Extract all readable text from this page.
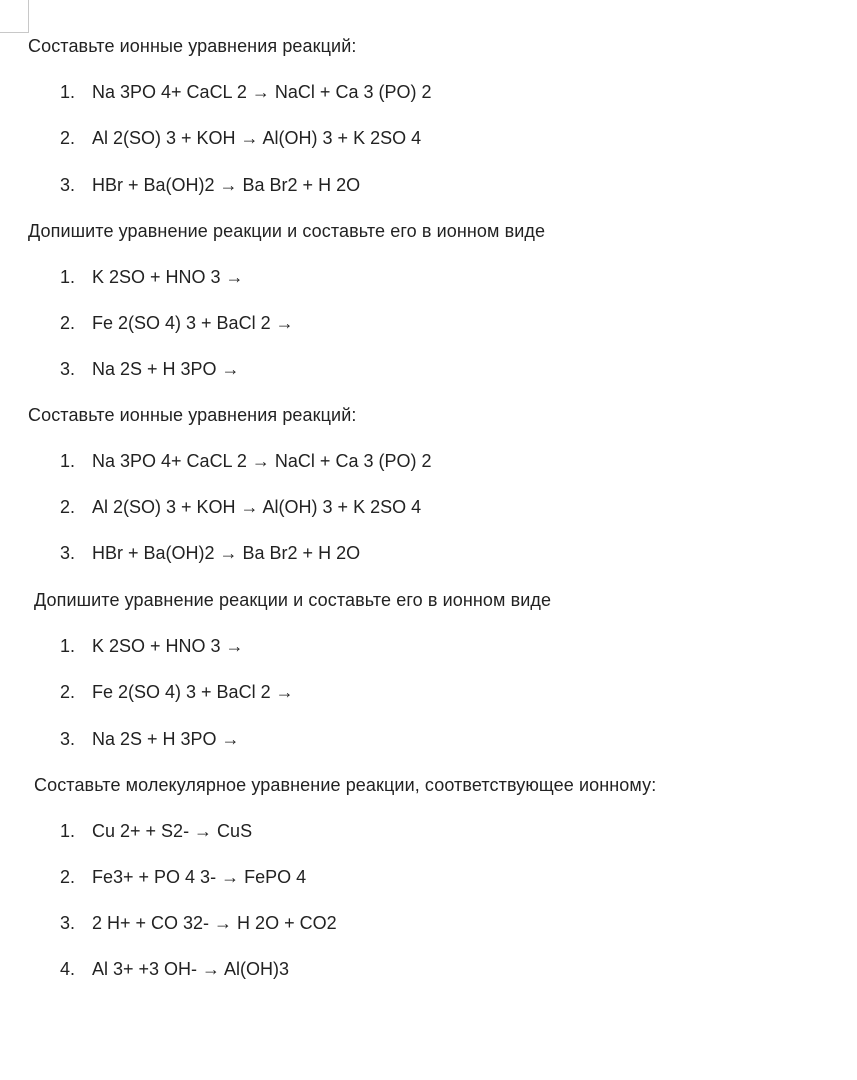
Составьте ионные уравнения реакций:
1. Na 3PO 4+ CaCL 2 → NaCl + Ca 3 (PO) 2
2.Al 2(SO) 3 + KOH → Al(OH) 3 + K 2SO 4
3.HBr + Ba(OH)2 → Ba Br2 + H 2O
Допишите уравнение реакции и составьте его в ионном виде
1. K 2SO + HNO 3 →
2.Fe 2(SO 4) 3 + BaCl 2 →
3. Na 2S + H 3PO →
Составьте ионные уравнения реакций:
1. Na 3PO 4+ CaCL 2 → NaCl + Ca 3 (PO) 2
2. Al 2(SO) 3 + KOH → Al(OH) 3 + K 2SO 4
3. HBr + Ba(OH)2 → Ba Br2 + H 2O
Допишите уравнение реакции и составьте его в ионном виде
1. K 2SO + HNO 3 →
2. Fe 2(SO 4) 3 + BaCl 2 →
3. Na 2S + H 3PO →
Составьте молекулярное уравнение реакции, соответствующее ионному:
1. Cu 2+ + S2- → CuS
2. Fe3+ + PO 4 3- → FePO 4
3.2 H+ + CO 32- → H 2O + CO2
4. Al 3+ +3 OH- → Al(OH)3
